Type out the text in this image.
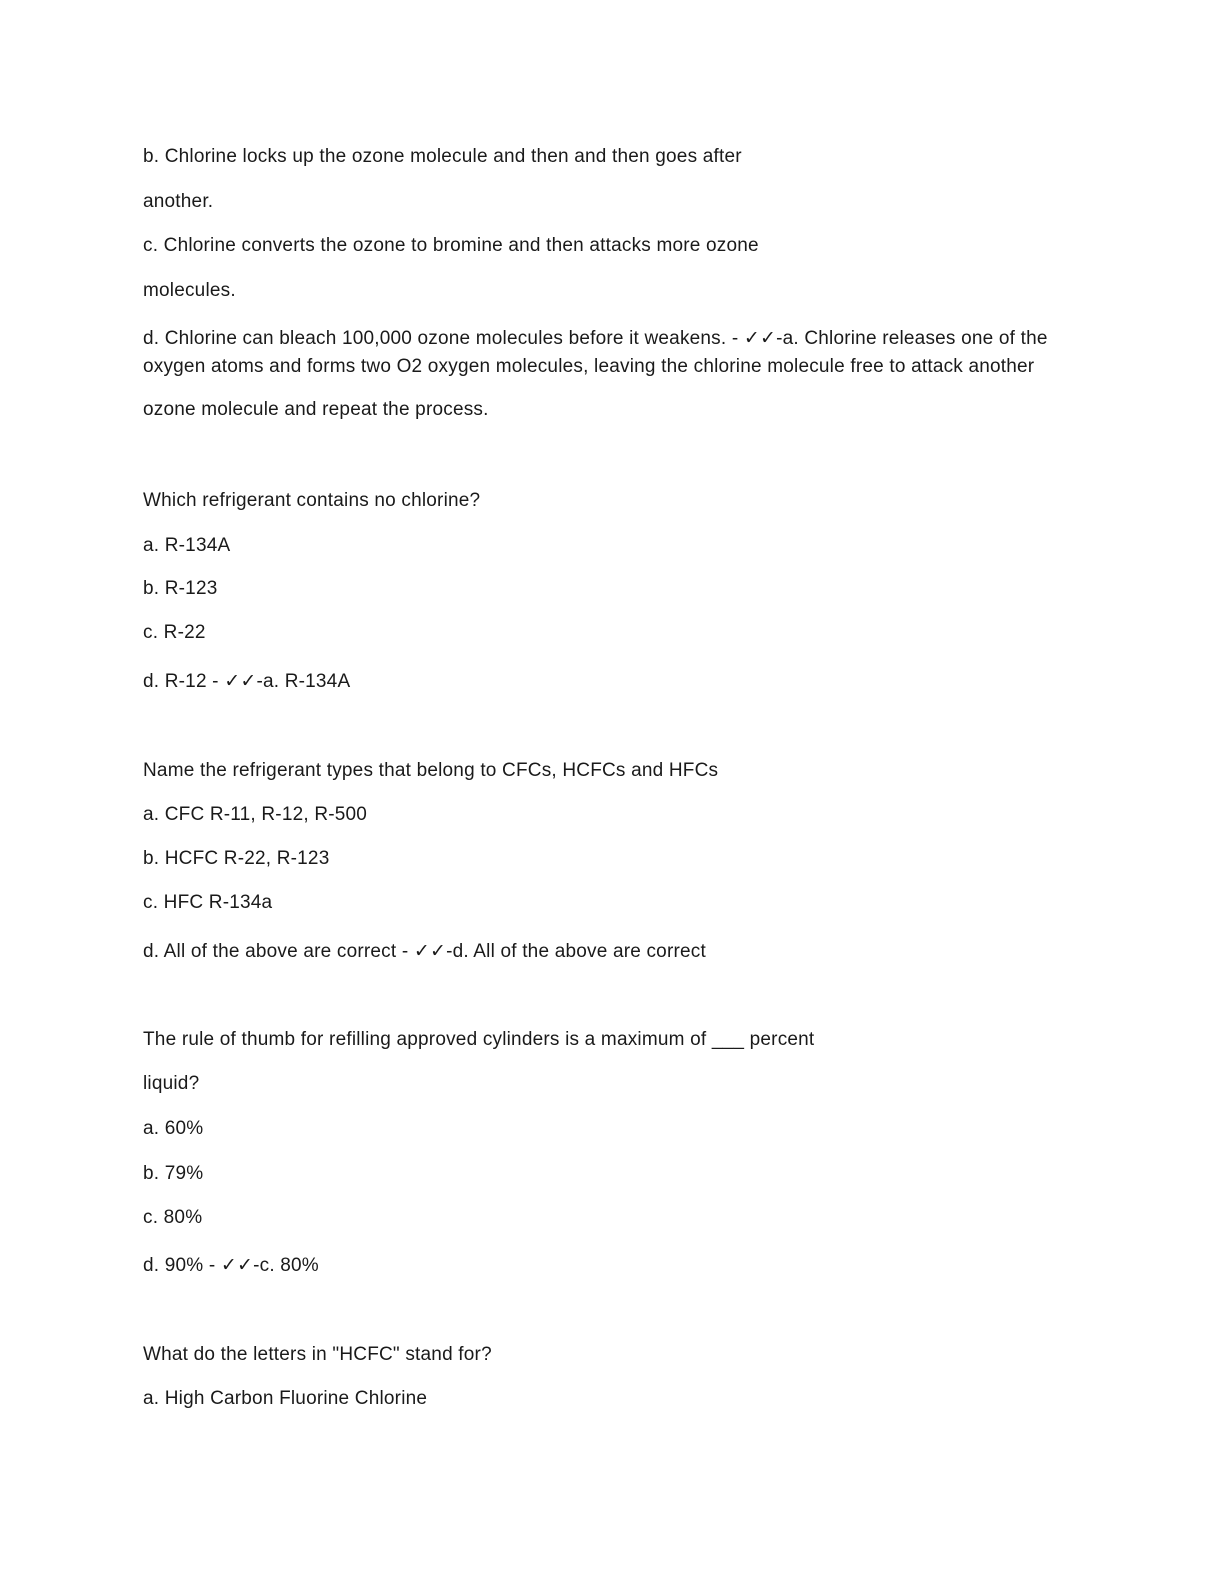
b. Chlorine locks up the ozone molecule and then and then goes after
another.
c. Chlorine converts the ozone to bromine and then attacks more ozone
molecules.
d. Chlorine can bleach 100,000 ozone molecules before it weakens. - ✓✓-a. Chlorine releases one of the
oxygen atoms and forms two O2 oxygen molecules, leaving the chlorine molecule free to attack another
ozone molecule and repeat the process.
Which refrigerant contains no chlorine?
a. R-134A
b. R-123
c. R-22
d. R-12 - ✓✓-a. R-134A
Name the refrigerant types that belong to CFCs, HCFCs and HFCs
a. CFC R-11, R-12, R-500
b. HCFC R-22, R-123
c. HFC R-134a
d. All of the above are correct - ✓✓-d. All of the above are correct
The rule of thumb for refilling approved cylinders is a maximum of ___ percent
liquid?
a. 60%
b. 79%
c. 80%
d. 90% - ✓✓-c. 80%
What do the letters in "HCFC" stand for?
a. High Carbon Fluorine Chlorine
